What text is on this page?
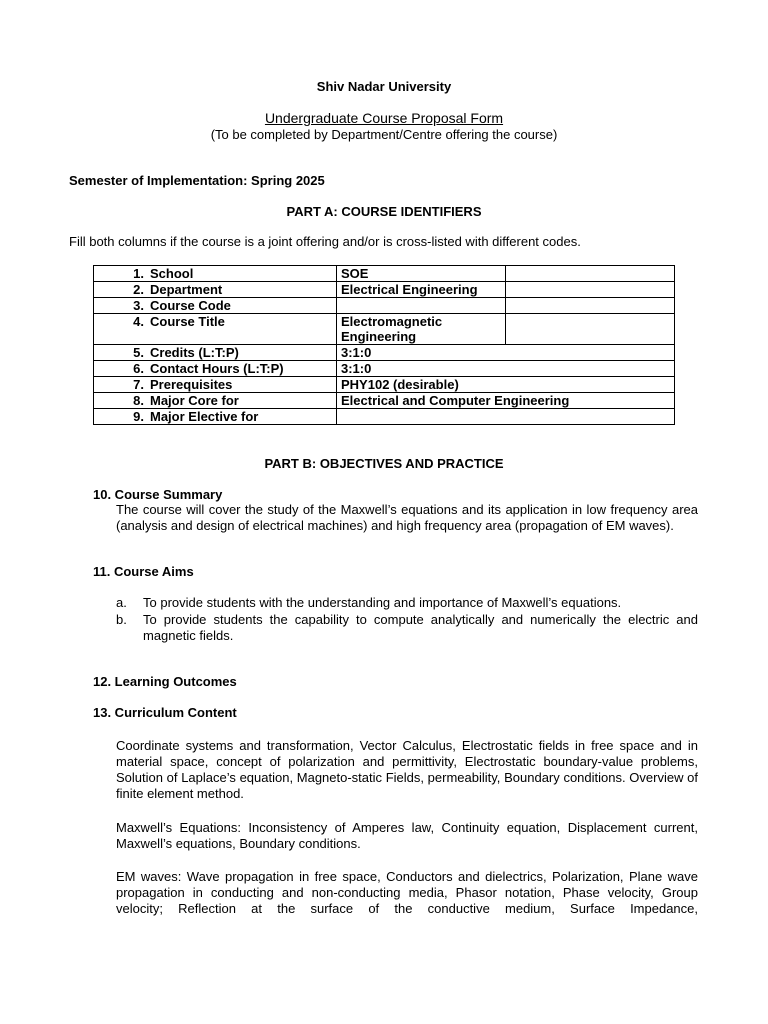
Shiv Nadar University
Undergraduate Course Proposal Form
(To be completed by Department/Centre offering the course)
Semester of Implementation: Spring 2025
PART A: COURSE IDENTIFIERS
Fill both columns if the course is a joint offering and/or is cross-listed with different codes.
1. School	SOE	
2. Department	Electrical Engineering	
3. Course Code		
4. Course Title	Electromagnetic Engineering	
5. Credits (L:T:P)	3:1:0	
6. Contact Hours (L:T:P)	3:1:0	
7. Prerequisites	PHY102 (desirable)	
8. Major Core for	Electrical and Computer Engineering	
9. Major Elective for		
PART B: OBJECTIVES AND PRACTICE
10. Course Summary
The course will cover the study of the Maxwell’s equations and its application in low frequency area (analysis and design of electrical machines) and high frequency area (propagation of EM waves).
11. Course Aims
a. To provide students with the understanding and importance of Maxwell’s equations.
b. To provide students the capability to compute analytically and numerically the electric and magnetic fields.
12. Learning Outcomes
13. Curriculum Content
Coordinate systems and transformation, Vector Calculus, Electrostatic fields in free space and in material space, concept of polarization and permittivity, Electrostatic boundary-value problems, Solution of Laplace’s equation, Magneto-static Fields, permeability, Boundary conditions. Overview of finite element method.
Maxwell’s Equations: Inconsistency of Amperes law, Continuity equation, Displacement current, Maxwell’s equations, Boundary conditions.
EM waves: Wave propagation in free space, Conductors and dielectrics, Polarization, Plane wave propagation in conducting and non-conducting media, Phasor notation, Phase velocity, Group velocity; Reflection at the surface of the conductive medium, Surface Impedance,
